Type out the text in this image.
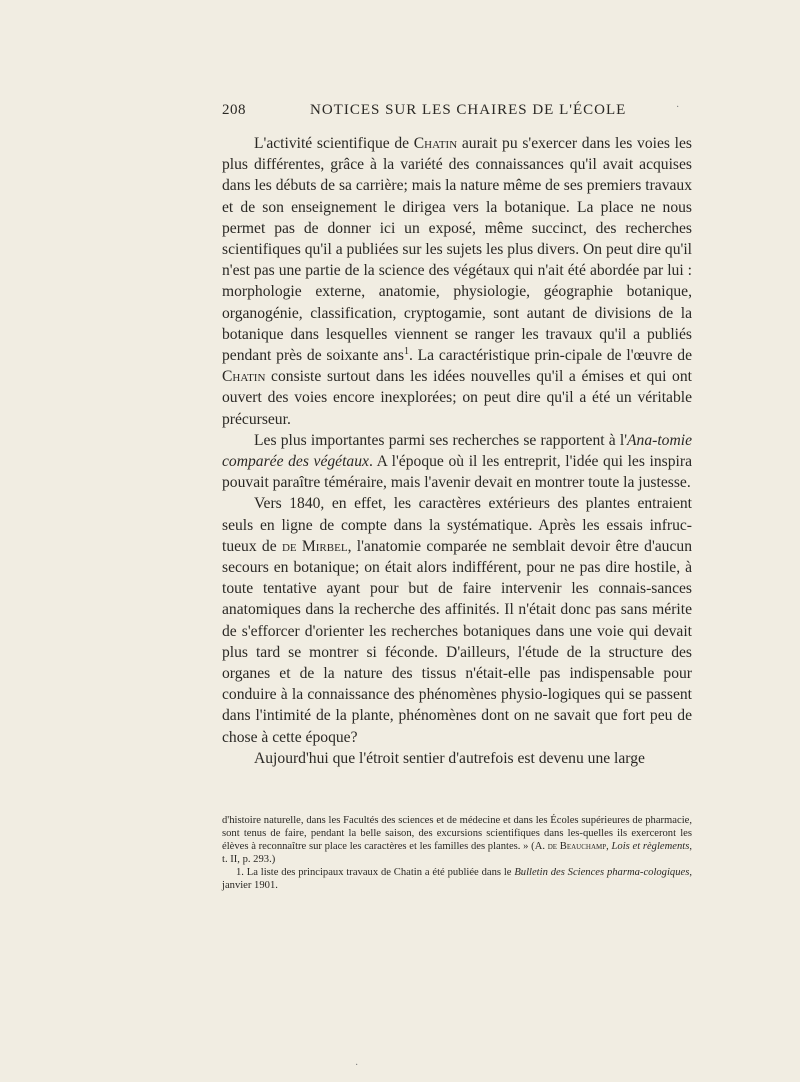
208	NOTICES SUR LES CHAIRES DE L'ÉCOLE	·

L'activité scientifique de Chatin aurait pu s'exercer dans les voies les plus différentes, grâce à la variété des connaissances qu'il avait acquises dans les débuts de sa carrière; mais la nature même de ses premiers travaux et de son enseignement le dirigea vers la botanique. La place ne nous permet pas de donner ici un exposé, même succinct, des recherches scientifiques qu'il a publiées sur les sujets les plus divers. On peut dire qu'il n'est pas une partie de la science des végétaux qui n'ait été abordée par lui : morphologie externe, anatomie, physiologie, géographie botanique, organogénie, classification, cryptogamie, sont autant de divisions de la botanique dans lesquelles viennent se ranger les travaux qu'il a publiés pendant près de soixante ans$^1$. La caractéristique prin-cipale de l'œuvre de Chatin consiste surtout dans les idées nouvelles qu'il a émises et qui ont ouvert des voies encore inexplorées; on peut dire qu'il a été un véritable précurseur.

Les plus importantes parmi ses recherches se rapportent à l'Ana-tomie comparée des végétaux. A l'époque où il les entreprit, l'idée qui les inspira pouvait paraître téméraire, mais l'avenir devait en montrer toute la justesse.

Vers 1840, en effet, les caractères extérieurs des plantes entraient seuls en ligne de compte dans la systématique. Après les essais infruc-tueux de de Mirbel, l'anatomie comparée ne semblait devoir être d'aucun secours en botanique; on était alors indifférent, pour ne pas dire hostile, à toute tentative ayant pour but de faire intervenir les connais-sances anatomiques dans la recherche des affinités. Il n'était donc pas sans mérite de s'efforcer d'orienter les recherches botaniques dans une voie qui devait plus tard se montrer si féconde. D'ailleurs, l'étude de la structure des organes et de la nature des tissus n'était-elle pas indispensable pour conduire à la connaissance des phénomènes physio-logiques qui se passent dans l'intimité de la plante, phénomènes dont on ne savait que fort peu de chose à cette époque?

Aujourd'hui que l'étroit sentier d'autrefois est devenu une large

d'histoire naturelle, dans les Facultés des sciences et de médecine et dans les Écoles supérieures de pharmacie, sont tenus de faire, pendant la belle saison, des excursions scientifiques dans les-quelles ils exerceront les élèves à reconnaître sur place les caractères et les familles des plantes. » (A. de Beauchamp, Lois et règlements, t. II, p. 293.)

1. La liste des principaux travaux de Chatin a été publiée dans le Bulletin des Sciences pharma-cologiques, janvier 1901.

·
